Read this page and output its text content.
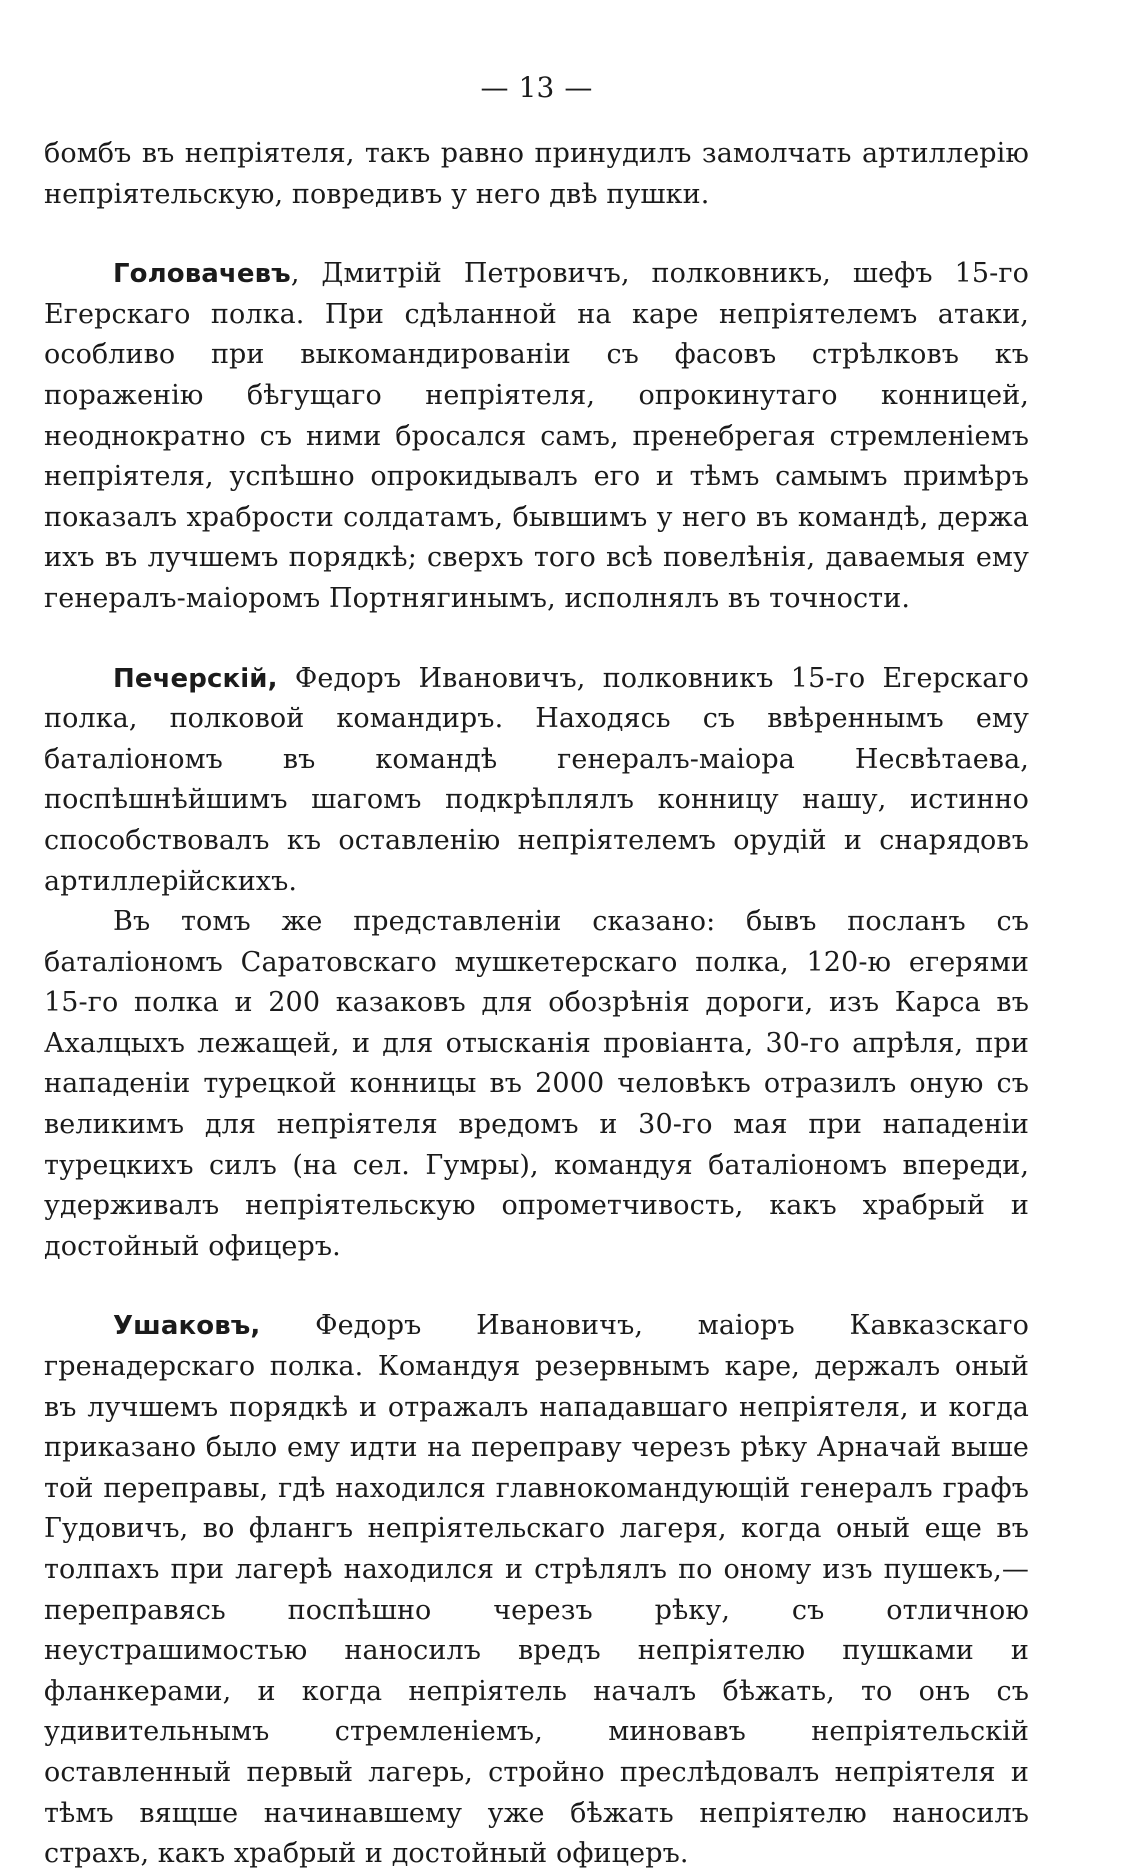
— 13 —

бомбъ въ непріятеля, такъ равно принудилъ замолчать артиллерію непріятельскую, повредивъ у него двѣ пушки.

Головачевъ, Дмитрій Петровичъ, полковникъ, шефъ 15-го Егерскаго полка. При сдѣланной на каре непріятелемъ атаки, особливо при выкомандированіи съ фасовъ стрѣлковъ къ пораженію бѣгущаго непріятеля, опрокинутаго конницей, неоднократно съ ними бросался самъ, пренебрегая стремленіемъ непріятеля, успѣшно опрокидывалъ его и тѣмъ самымъ примѣръ показалъ храбрости солдатамъ, бывшимъ у него въ командѣ, держа ихъ въ лучшемъ порядкѣ; сверхъ того всѣ повелѣнія, даваемыя ему генералъ-маіоромъ Портнягинымъ, исполнялъ въ точности.

Печерскій, Федоръ Ивановичъ, полковникъ 15-го Егерскаго полка, полковой командиръ. Находясь съ ввѣреннымъ ему баталіономъ въ командѣ генералъ-маіора Несвѣтаева, поспѣшнѣйшимъ шагомъ подкрѣплялъ конницу нашу, истинно способствовалъ къ оставленію непріятелемъ орудій и снарядовъ артиллерійскихъ.

Въ томъ же представленіи сказано: бывъ посланъ съ баталіономъ Саратовскаго мушкетерскаго полка, 120-ю егерями 15-го полка и 200 казаковъ для обозрѣнія дороги, изъ Карса въ Ахалцыхъ лежащей, и для отысканія провіанта, 30-го апрѣля, при нападеніи турецкой конницы въ 2000 человѣкъ отразилъ оную съ великимъ для непріятеля вредомъ и 30-го мая при нападеніи турецкихъ силъ (на сел. Гумры), командуя баталіономъ впереди, удерживалъ непріятельскую опрометчивость, какъ храбрый и достойный офицеръ.

Ушаковъ, Федоръ Ивановичъ, маіоръ Кавказскаго гренадерскаго полка. Командуя резервнымъ каре, держалъ оный въ лучшемъ порядкѣ и отражалъ нападавшаго непріятеля, и когда приказано было ему идти на переправу черезъ рѣку Арначай выше той переправы, гдѣ находился главнокомандующій генералъ графъ Гудовичъ, во флангъ непріятельскаго лагеря, когда оный еще въ толпахъ при лагерѣ находился и стрѣлялъ по оному изъ пушекъ,—переправясь поспѣшно черезъ рѣку, съ отличною неустрашимостью наносилъ вредъ непріятелю пушками и фланкерами, и когда непріятель началъ бѣжать, то онъ съ удивительнымъ стремленіемъ, миновавъ непріятельскій оставленный первый лагерь, стройно преслѣдовалъ непріятеля и тѣмъ вящше начинавшему уже бѣжать непріятелю наносилъ страхъ, какъ храбрый и достойный офицеръ.
